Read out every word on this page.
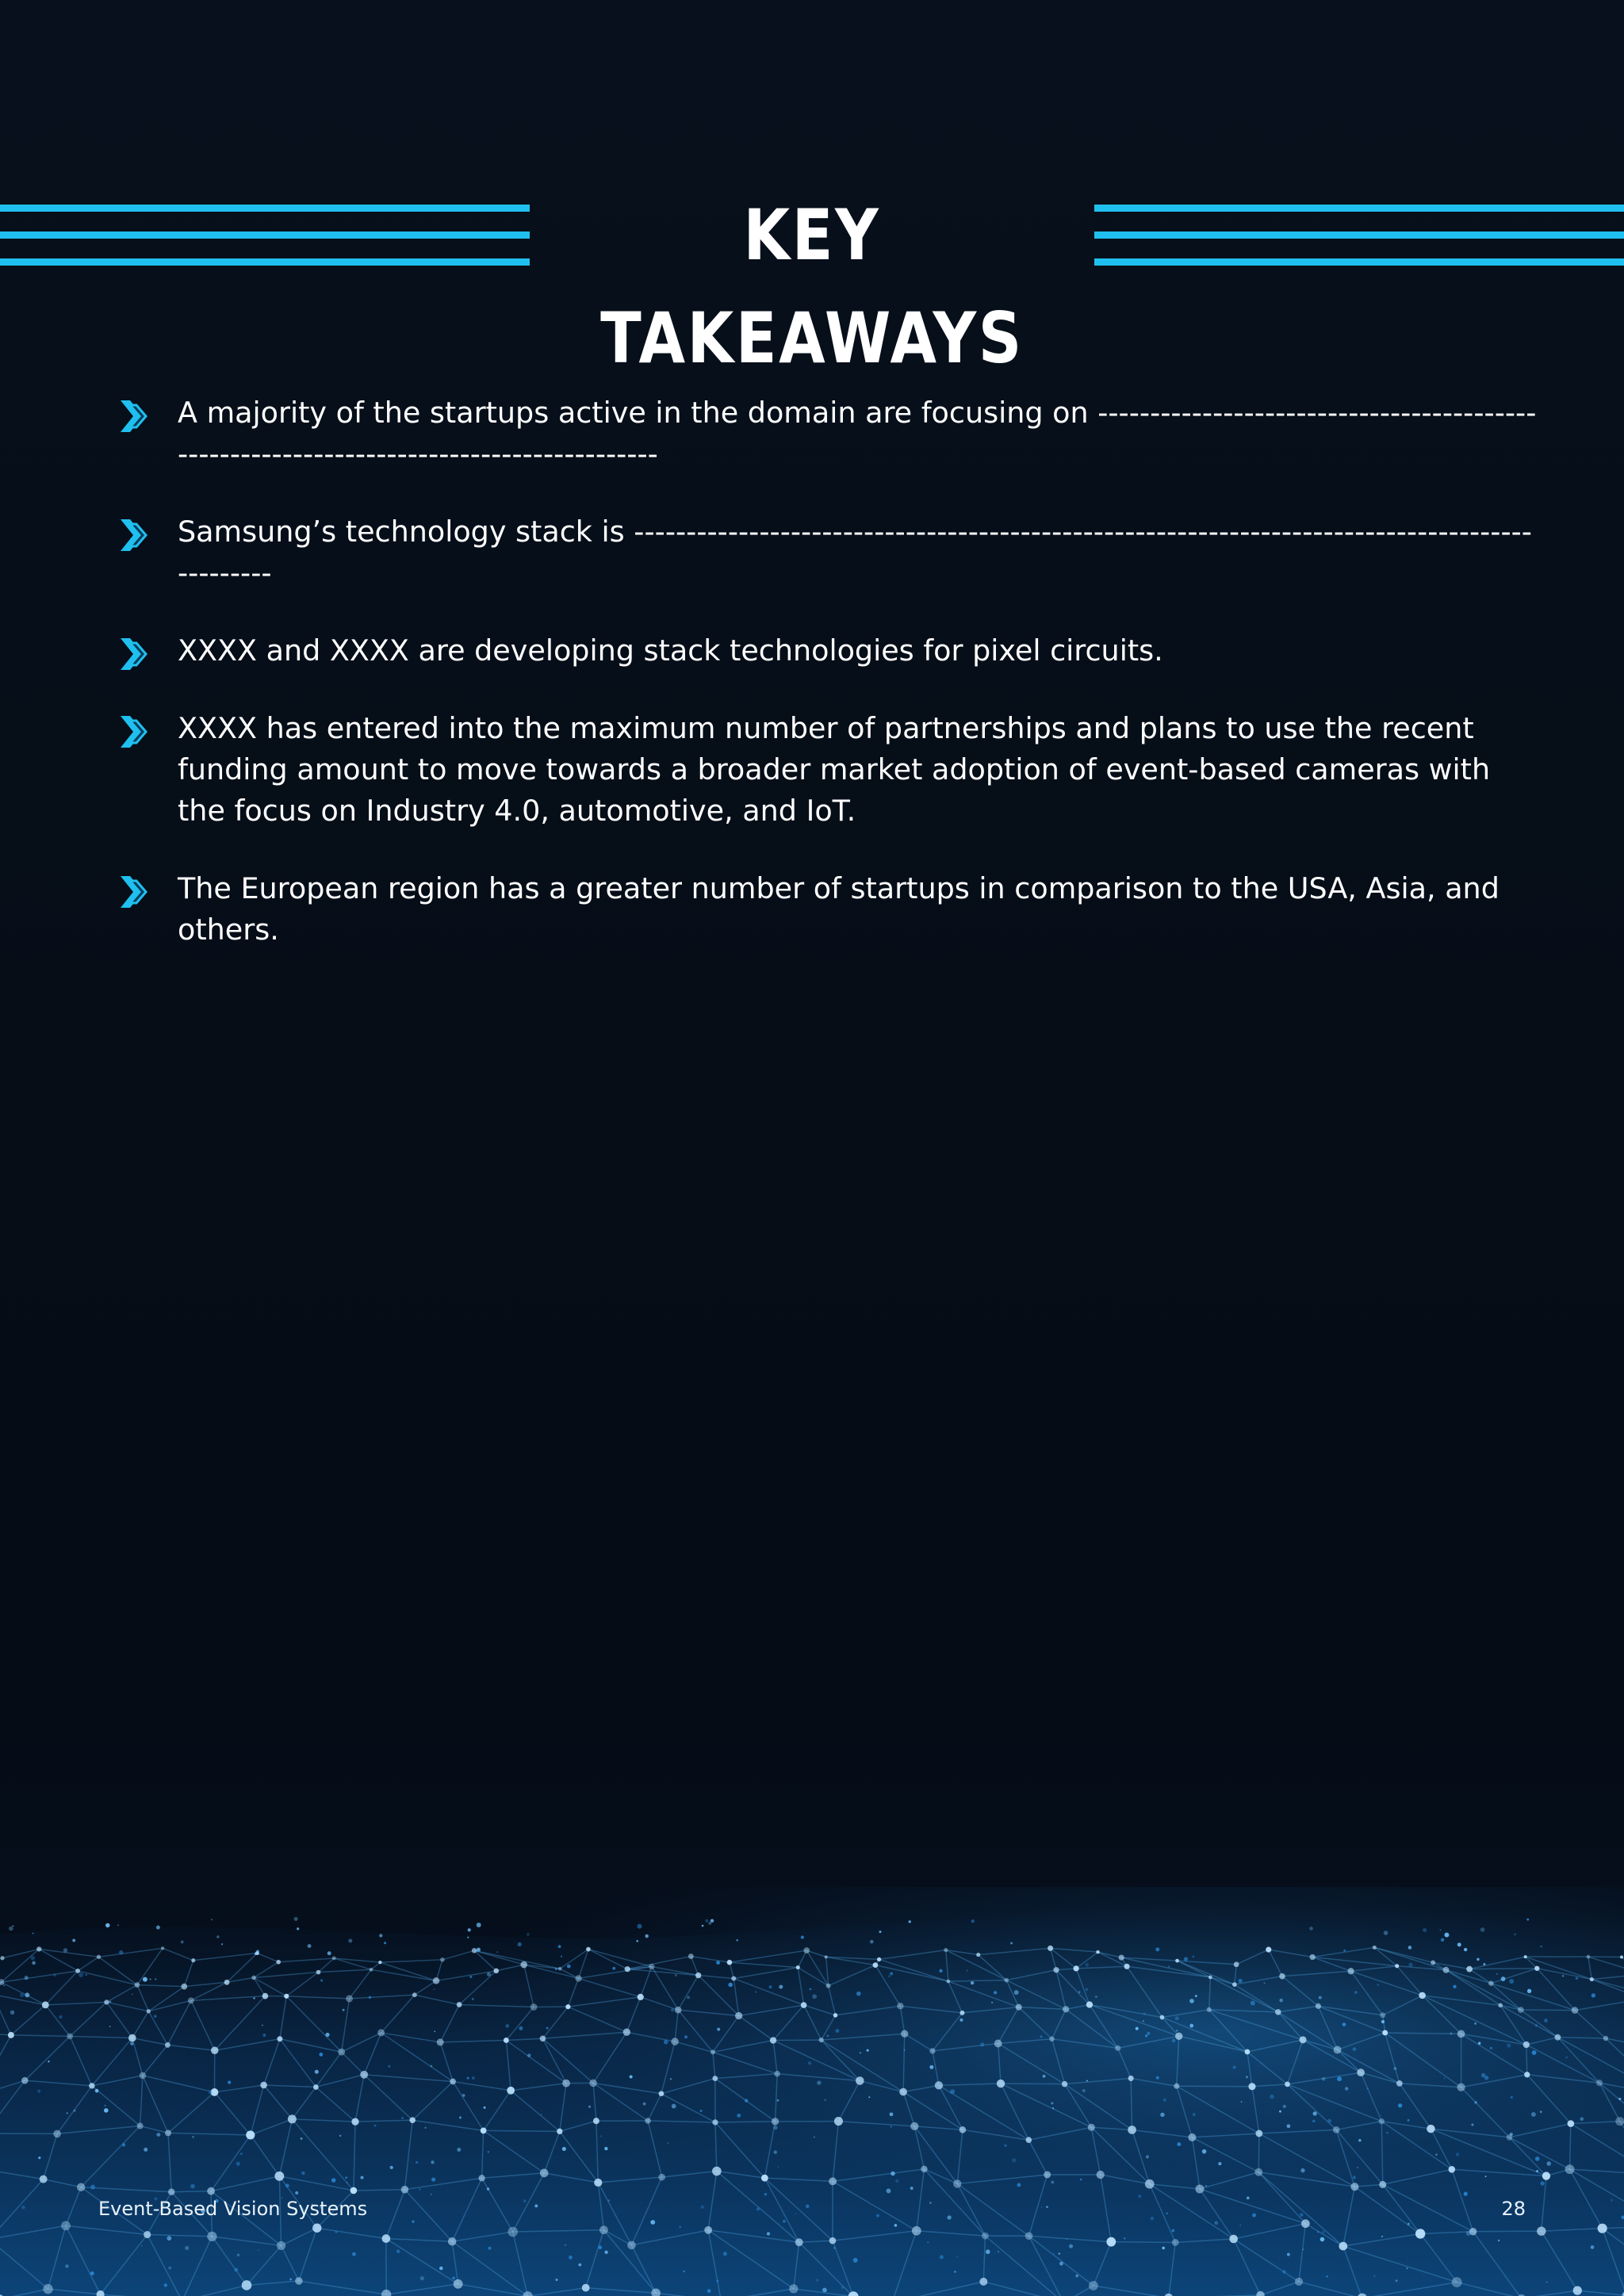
KEY TAKEAWAYS
A majority of the startups active in the domain are focusing on ----------------------------------------------------------------------------------------
Samsung’s technology stack is -----------------------------------------------------------------------------------------------
XXXX and XXXX are developing stack technologies for pixel circuits.
XXXX has entered into the maximum number of partnerships and plans to use the recent funding amount to move towards a broader market adoption of event-based cameras with the focus on Industry 4.0, automotive, and IoT.
The European region has a greater number of startups in comparison to the USA, Asia, and others.
Event-Based Vision Systems	28
